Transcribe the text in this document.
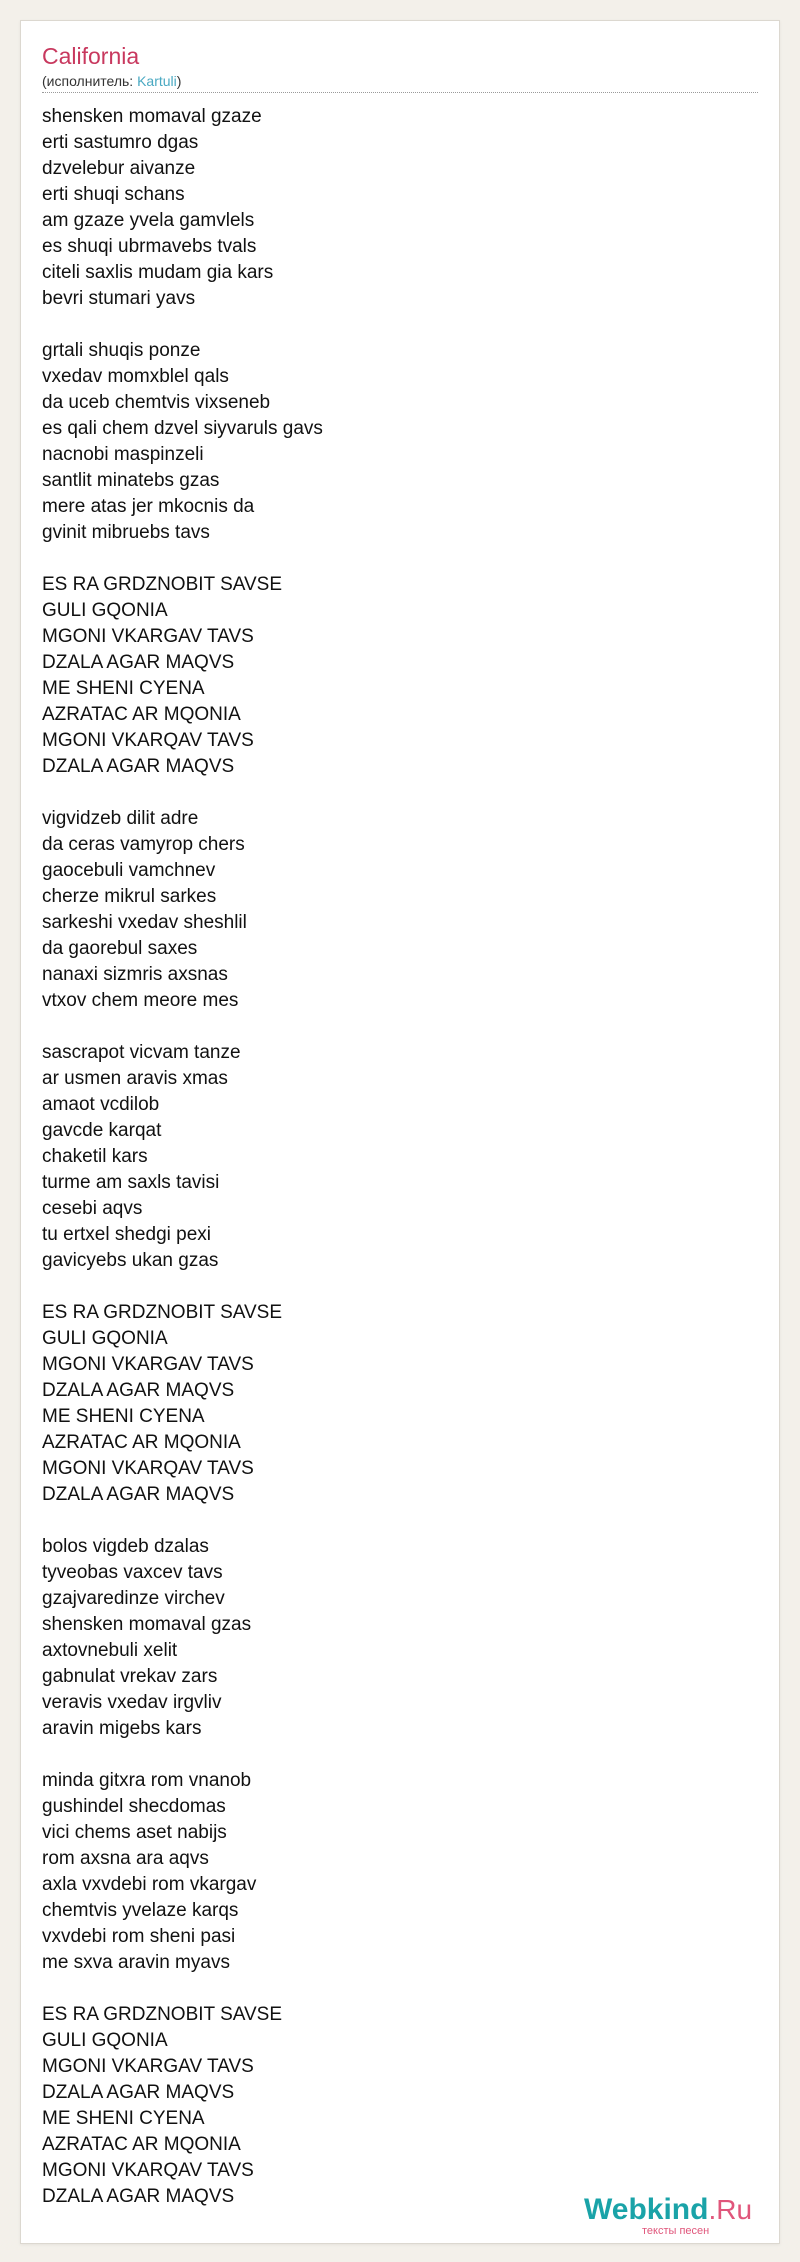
California
(исполнитель: Kartuli)
shensken momaval gzaze
erti sastumro dgas
dzvelebur aivanze
erti shuqi schans
am gzaze yvela gamvlels
es shuqi ubrmavebs tvals
citeli saxlis mudam gia kars
bevri stumari yavs
grtali shuqis ponze
vxedav momxblel qals
da uceb chemtvis vixseneb
es qali chem dzvel siyvaruls gavs
nacnobi maspinzeli
santlit minatebs gzas
mere atas jer mkocnis da
gvinit mibruebs tavs
ES RA GRDZNOBIT SAVSE
GULI GQONIA
MGONI VKARGAV TAVS
DZALA AGAR MAQVS
ME SHENI CYENA
AZRATAC AR MQONIA
MGONI VKARQAV TAVS
DZALA AGAR MAQVS
vigvidzeb dilit adre
da ceras vamyrop chers
gaocebuli vamchnev
cherze mikrul sarkes
sarkeshi vxedav sheshlil
da gaorebul saxes
nanaxi sizmris axsnas
vtxov chem meore mes
sascrapot vicvam tanze
ar usmen aravis xmas
amaot vcdilob
gavcde karqat
chaketil kars
turme am saxls tavisi
cesebi aqvs
tu ertxel shedgi pexi
gavicyebs ukan gzas
ES RA GRDZNOBIT SAVSE
GULI GQONIA
MGONI VKARGAV TAVS
DZALA AGAR MAQVS
ME SHENI CYENA
AZRATAC AR MQONIA
MGONI VKARQAV TAVS
DZALA AGAR MAQVS
bolos vigdeb dzalas
tyveobas vaxcev tavs
gzajvaredinze virchev
shensken momaval gzas
axtovnebuli xelit
gabnulat vrekav zars
veravis vxedav irgvliv
aravin migebs kars
minda gitxra rom vnanob
gushindel shecdomas
vici chems aset nabijs
rom axsna ara aqvs
axla vxvdebi rom vkargav
chemtvis yvelaze karqs
vxvdebi rom sheni pasi
me sxva aravin myavs
ES RA GRDZNOBIT SAVSE
GULI GQONIA
MGONI VKARGAV TAVS
DZALA AGAR MAQVS
ME SHENI CYENA
AZRATAC AR MQONIA
MGONI VKARQAV TAVS
DZALA AGAR MAQVS	Webkind.Ru
тексты песен
